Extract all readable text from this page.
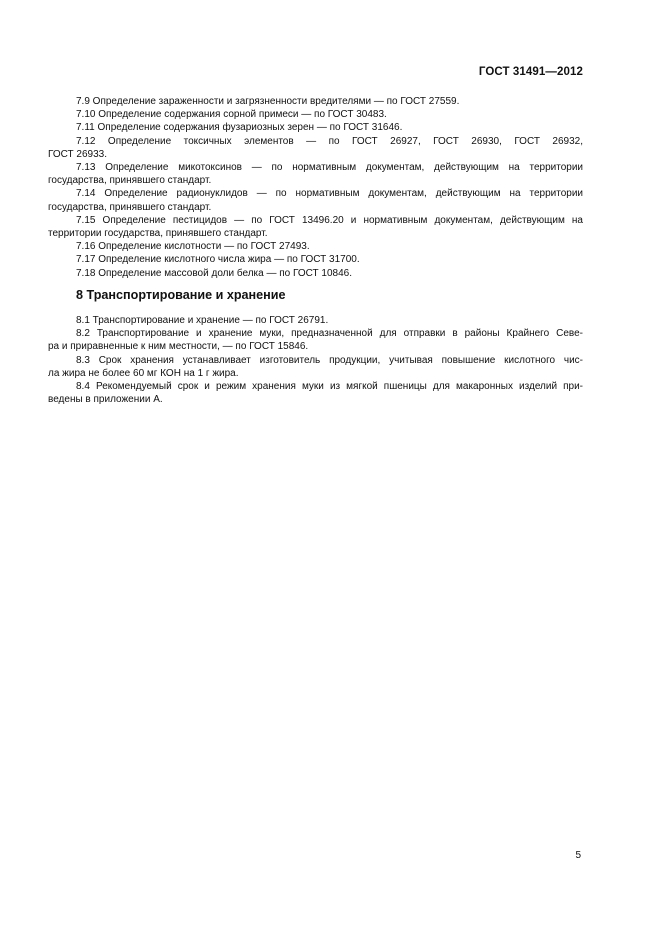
ГОСТ 31491—2012
7.9 Определение зараженности и загрязненности вредителями — по ГОСТ 27559.
7.10 Определение содержания сорной примеси — по ГОСТ 30483.
7.11 Определение содержания фузариозных зерен — по ГОСТ 31646.
7.12 Определение токсичных элементов — по ГОСТ 26927, ГОСТ 26930, ГОСТ 26932,
ГОСТ 26933.
7.13 Определение микотоксинов — по нормативным документам, действующим на территории
государства, принявшего стандарт.
7.14 Определение радионуклидов — по нормативным документам, действующим на территории
государства, принявшего стандарт.
7.15 Определение пестицидов — по ГОСТ 13496.20 и нормативным документам, действующим на
территории государства, принявшего стандарт.
7.16 Определение кислотности — по ГОСТ 27493.
7.17 Определение кислотного числа жира — по ГОСТ 31700.
7.18 Определение массовой доли белка — по ГОСТ 10846.
8 Транспортирование и хранение
8.1 Транспортирование и хранение — по ГОСТ 26791.
8.2 Транспортирование и хранение муки, предназначенной для отправки в районы Крайнего Севе-
ра и приравненные к ним местности, — по ГОСТ 15846.
8.3 Срок хранения устанавливает изготовитель продукции, учитывая повышение кислотного чис-
ла жира не более 60 мг КОН на 1 г жира.
8.4 Рекомендуемый срок и режим хранения муки из мягкой пшеницы для макаронных изделий при-
ведены в приложении А.
5
